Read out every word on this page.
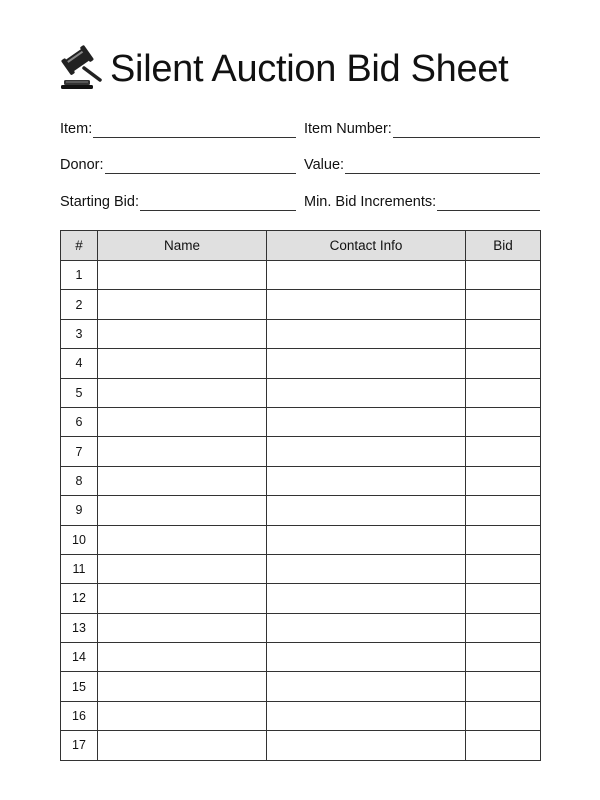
Silent Auction Bid Sheet
Item:	Item Number:
Donor:	Value:
Starting Bid:	Min. Bid Increments:
#	Name	Contact Info	Bid
1			
2			
3			
4			
5			
6			
7			
8			
9			
10			
11			
12			
13			
14			
15			
16			
17			
